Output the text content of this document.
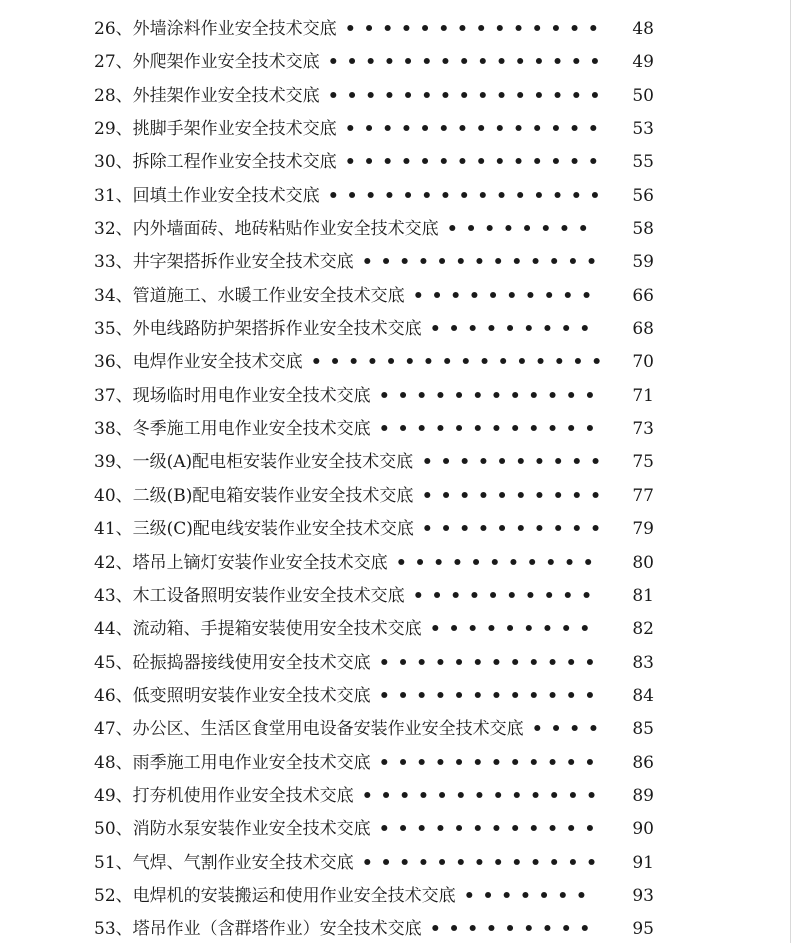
26、外墙涂料作业安全技术交底	48
• • • • • • • • • • • • • •
27、外爬架作业安全技术交底	49
• • • • • • • • • • • • • • •
28、外挂架作业安全技术交底	50
• • • • • • • • • • • • • • •
29、挑脚手架作业安全技术交底	53
• • • • • • • • • • • • • •
30、拆除工程作业安全技术交底	55
• • • • • • • • • • • • • •
31、回填土作业安全技术交底	56
• • • • • • • • • • • • • • •
32、内外墙面砖、地砖粘贴作业安全技术交底	58
• • • • • • • •
33、井字架搭拆作业安全技术交底	59
• • • • • • • • • • • • •
34、管道施工、水暖工作业安全技术交底	66
• • • • • • • • • •
35、外电线路防护架搭拆作业安全技术交底	68
• • • • • • • • •
36、电焊作业安全技术交底	70
• • • • • • • • • • • • • • • •
37、现场临时用电作业安全技术交底	71
• • • • • • • • • • • •
38、冬季施工用电作业安全技术交底	73
• • • • • • • • • • • •
39、一级(A)配电柜安装作业安全技术交底	75
• • • • • • • • • •
40、二级(B)配电箱安装作业安全技术交底	77
• • • • • • • • • •
41、三级(C)配电线安装作业安全技术交底	79
• • • • • • • • • •
42、塔吊上镝灯安装作业安全技术交底	80
• • • • • • • • • • •
43、木工设备照明安装作业安全技术交底	81
• • • • • • • • • •
44、流动箱、手提箱安装使用安全技术交底	82
• • • • • • • • •
45、砼振捣器接线使用安全技术交底	83
• • • • • • • • • • • •
46、低变照明安装作业安全技术交底	84
• • • • • • • • • • • •
47、办公区、生活区食堂用电设备安装作业安全技术交底	85
• • • •
48、雨季施工用电作业安全技术交底	86
• • • • • • • • • • • •
49、打夯机使用作业安全技术交底	89
• • • • • • • • • • • • •
50、消防水泵安装作业安全技术交底	90
• • • • • • • • • • • •
51、气焊、气割作业安全技术交底	91
• • • • • • • • • • • • •
52、电焊机的安装搬运和使用作业安全技术交底	93
• • • • • • •
53、塔吊作业（含群塔作业）安全技术交底	95
• • • • • • • • •
